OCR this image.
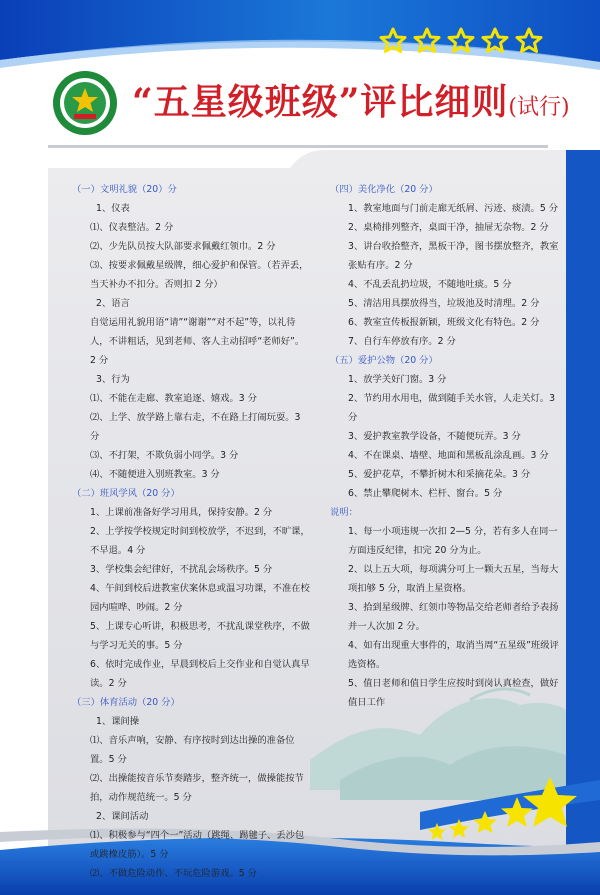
“五星级班级”评比细则(试行)

（一）文明礼貌（20）分

1、仪表

⑴、仪表整洁。2 分

⑵、少先队员按大队部要求佩戴红领巾。2 分

⑶、按要求佩戴星级牌，细心爱护和保管。（若弄丢，当天补办不扣分。否则扣 2 分）

2、语言

自觉运用礼貌用语“请”“谢谢”“对不起”等，以礼待人，不讲粗话，见到老师、客人主动招呼“老师好”。2 分

3、行为

⑴、不能在走廊、教室追逐、嬉戏。3 分

⑵、上学、放学路上靠右走，不在路上打闹玩耍。3 分

⑶、不打架，不欺负弱小同学。3 分

⑷、不随便进入别班教室。3 分

（二）班风学风（20 分）

1、上课前准备好学习用具，保持安静。2 分

2、上学按学校规定时间到校放学，不迟到，不旷课，不早退。4 分

3、学校集会纪律好，不扰乱会场秩序。5 分

4、午间到校后进教室伏案休息或温习功课，不准在校园内喧哗、吵闹。2 分

5、上课专心听讲，积极思考，不扰乱课堂秩序，不做与学习无关的事。5 分

6、依时完成作业，早晨到校后上交作业和自觉认真早读。2 分

（三）体育活动（20 分）

1、课间操

⑴、音乐声响，安静、有序按时到达出操的准备位置。5 分

⑵、出操能按音乐节奏踏步，整齐统一，做操能按节拍，动作规范统一。5 分

2、课间活动

⑴、积极参与“四个一”活动（跳绳、踢毽子、丢沙包或跳橡皮筋）。5 分

⑵、不做危险动作、不玩危险游戏。5 分

（四）美化净化（20 分）

1、教室地面与门前走廊无纸屑、污迹、痰渍。5 分

2、桌椅排列整齐，桌面干净，抽屉无杂物。2 分

3、讲台收拾整齐，黑板干净，图书摆放整齐，教室张贴有序。2 分

4、不乱丢乱扔垃圾，不随地吐痰。5 分

5、清洁用具摆放得当，垃圾池及时清理。2 分

6、教室宣传板报新颖，班级文化有特色。2 分

7、自行车停放有序。2 分

（五）爱护公物（20 分）

1、放学关好门窗。3 分

2、节约用水用电，做到随手关水管，人走关灯。3 分

3、爱护教室教学设备，不随便玩弄。3 分

4、不在课桌、墙壁、地面和黑板乱涂乱画。3 分

5、爱护花草，不攀折树木和采摘花朵。3 分

6、禁止攀爬树木、栏杆、窗台。5 分

说明：

1、每一小项违规一次扣 2—5 分，若有多人在同一方面违反纪律，扣完 20 分为止。

2、以上五大项，每项满分可上一颗大五星，当每大项扣够 5 分，取消上星资格。

3、拾到星级牌、红领巾等物品交给老师者给予表扬并一人次加 2 分。

4、如有出现重大事件的，取消当周“五星级”班级评选资格。

5、值日老师和值日学生应按时到岗认真检查，做好值日工作
